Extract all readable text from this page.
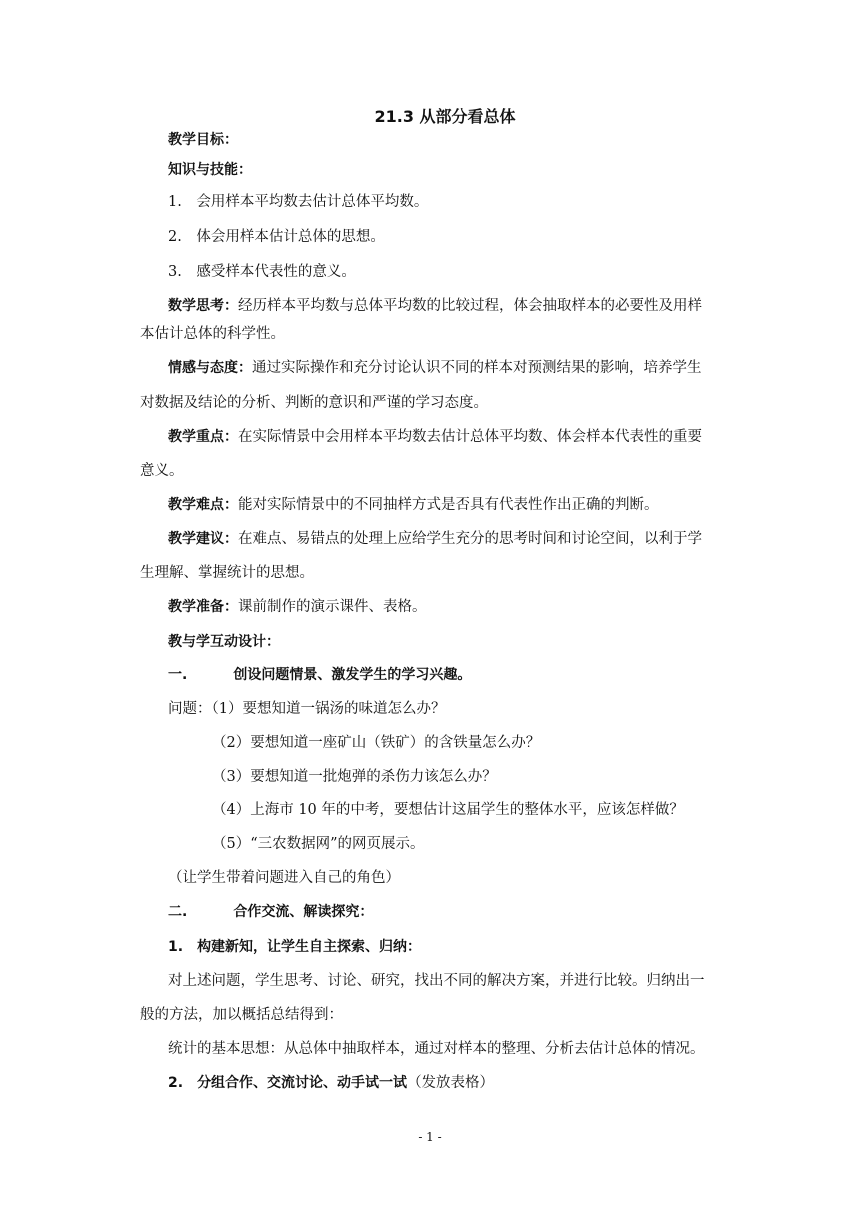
21.3 从部分看总体
教学目标：
知识与技能：
1.　会用样本平均数去估计总体平均数。
2.　体会用样本估计总体的思想。
3.　感受样本代表性的意义。
数学思考：经历样本平均数与总体平均数的比较过程，体会抽取样本的必要性及用样
本估计总体的科学性。
情感与态度：通过实际操作和充分讨论认识不同的样本对预测结果的影响，培养学生
对数据及结论的分析、判断的意识和严谨的学习态度。
教学重点：在实际情景中会用样本平均数去估计总体平均数、体会样本代表性的重要
意义。
教学难点：能对实际情景中的不同抽样方式是否具有代表性作出正确的判断。
教学建议：在难点、易错点的处理上应给学生充分的思考时间和讨论空间，以利于学
生理解、掌握统计的思想。
教学准备：课前制作的演示课件、表格。
教与学互动设计：
一.	创设问题情景、激发学生的学习兴趣。
问题：（1）要想知道一锅汤的味道怎么办？
（2）要想知道一座矿山（铁矿）的含铁量怎么办？
（3）要想知道一批炮弹的杀伤力该怎么办？
（4）上海市 10 年的中考，要想估计这届学生的整体水平，应该怎样做？
（5）“三农数据网”的网页展示。
（让学生带着问题进入自己的角色）
二.	合作交流、解读探究：
1. 构建新知，让学生自主探索、归纳：
对上述问题，学生思考、讨论、研究，找出不同的解决方案，并进行比较。归纳出一
般的方法，加以概括总结得到：
统计的基本思想：从总体中抽取样本，通过对样本的整理、分析去估计总体的情况。
2. 分组合作、交流讨论、动手试一试（发放表格）
- 1 -
